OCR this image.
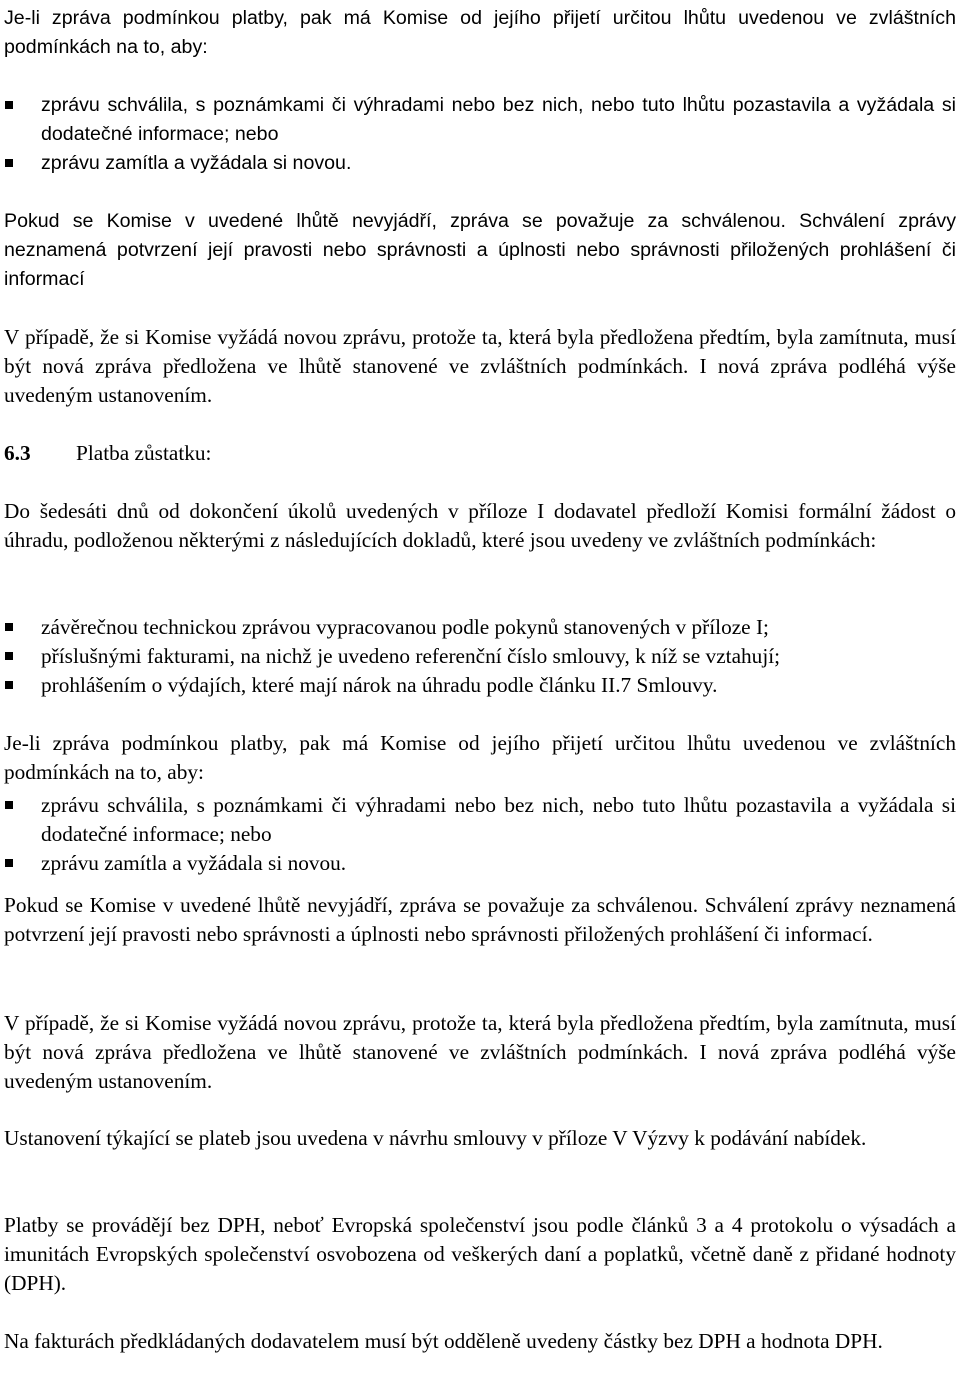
Je-li zpráva podmínkou platby, pak má Komise od jejího přijetí určitou lhůtu uvedenou ve zvláštních podmínkách na to, aby:

zprávu schválila, s poznámkami či výhradami nebo bez nich, nebo tuto lhůtu pozastavila a vyžádala si dodatečné informace; nebo
zprávu zamítla a vyžádala si novou.

Pokud se Komise v uvedené lhůtě nevyjádří, zpráva se považuje za schválenou. Schválení zprávy neznamená potvrzení její pravosti nebo správnosti a úplnosti nebo správnosti přiložených prohlášení či informací

V případě, že si Komise vyžádá novou zprávu, protože ta, která byla předložena předtím, byla zamítnuta, musí být nová zpráva předložena ve lhůtě stanovené ve zvláštních podmínkách. I nová zpráva podléhá výše uvedeným ustanovením.

6.3 Platba zůstatku:

Do šedesáti dnů od dokončení úkolů uvedených v příloze I dodavatel předloží Komisi formální žádost o úhradu, podloženou některými z následujících dokladů, které jsou uvedeny ve zvláštních podmínkách:

závěrečnou technickou zprávou vypracovanou podle pokynů stanovených v příloze I;
příslušnými fakturami, na nichž je uvedeno referenční číslo smlouvy, k níž se vztahují;
prohlášením o výdajích, které mají nárok na úhradu podle článku II.7 Smlouvy.

Je-li zpráva podmínkou platby, pak má Komise od jejího přijetí určitou lhůtu uvedenou ve zvláštních podmínkách na to, aby:

zprávu schválila, s poznámkami či výhradami nebo bez nich, nebo tuto lhůtu pozastavila a vyžádala si dodatečné informace; nebo
zprávu zamítla a vyžádala si novou.

Pokud se Komise v uvedené lhůtě nevyjádří, zpráva se považuje za schválenou. Schválení zprávy neznamená potvrzení její pravosti nebo správnosti a úplnosti nebo správnosti přiložených prohlášení či informací.

V případě, že si Komise vyžádá novou zprávu, protože ta, která byla předložena předtím, byla zamítnuta, musí být nová zpráva předložena ve lhůtě stanovené ve zvláštních podmínkách. I nová zpráva podléhá výše uvedeným ustanovením.

Ustanovení týkající se plateb jsou uvedena v návrhu smlouvy v příloze V Výzvy k podávání nabídek.

Platby se provádějí bez DPH, neboť Evropská společenství jsou podle článků 3 a 4 protokolu o výsadách a imunitách Evropských společenství osvobozena od veškerých daní a poplatků, včetně daně z přidané hodnoty (DPH).

Na fakturách předkládaných dodavatelem musí být odděleně uvedeny částky bez DPH a hodnota DPH.
